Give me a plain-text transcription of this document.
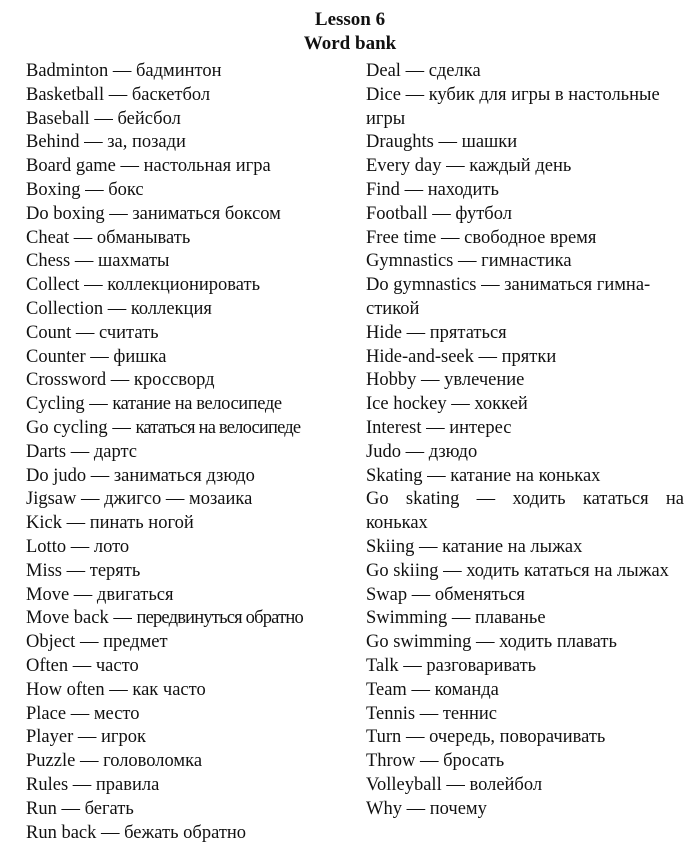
Lesson 6
Word bank
Badminton — бадминтон
Basketball — баскетбол
Baseball — бейсбол
Behind — за, позади
Board game — настольная игра
Boxing — бокс
Do boxing — заниматься боксом
Cheat — обманывать
Chess — шахматы
Collect — коллекционировать
Collection — коллекция
Count — считать
Counter — фишка
Crossword — кроссворд
Cycling — катание на велосипеде
Go cycling — кататься на велосипеде
Darts — дартс
Do judo — заниматься дзюдо
Jigsaw — джигсо — мозаика
Kick — пинать ногой
Lotto — лото
Miss — терять
Move — двигаться
Move back — передвинуться обратно
Object — предмет
Often — часто
How often — как часто
Place — место
Player — игрок
Puzzle — головоломка
Rules — правила
Run — бегать
Run back — бежать обратно
Deal — сделка
Dice — кубик для игры в настольные игры
Draughts — шашки
Every day — каждый день
Find — находить
Football — футбол
Free time — свободное время
Gymnastics — гимнастика
Do gymnastics — заниматься гимна-стикой
Hide — прятаться
Hide-and-seek — прятки
Hobby — увлечение
Ice hockey — хоккей
Interest — интерес
Judo — дзюдо
Skating — катание на коньках
Go skating — ходить кататься на коньках
Skiing — катание на лыжах
Go skiing — ходить кататься на лыжах
Swap — обменяться
Swimming — плаванье
Go swimming — ходить плавать
Talk — разговаривать
Team — команда
Tennis — теннис
Turn — очередь, поворачивать
Throw — бросать
Volleyball — волейбол
Why — почему
